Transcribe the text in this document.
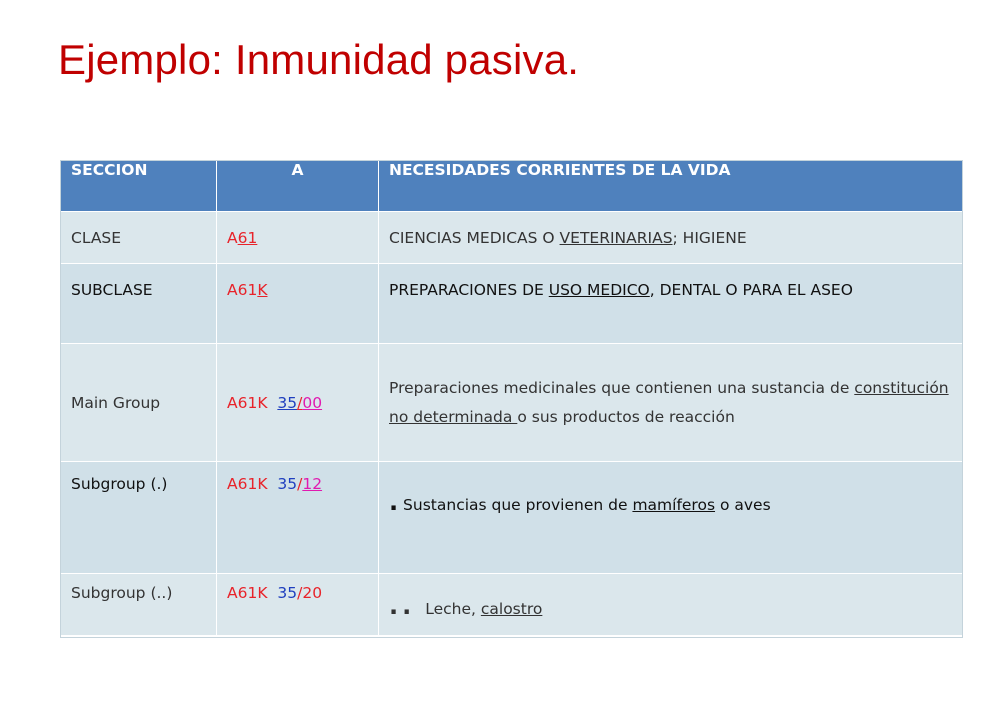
Ejemplo: Inmunidad pasiva.
SECCION	A	NECESIDADES CORRIENTES DE LA VIDA
CLASE	A61	CIENCIAS MEDICAS O VETERINARIAS; HIGIENE
SUBCLASE	A61K	PREPARACIONES DE USO MEDICO, DENTAL O PARA EL ASEO
Main Group	A61K 35/00	Preparaciones medicinales que contienen una sustancia de constitución no determinada o sus productos de reacción
Subgroup (.)	A61K 35/12	. Sustancias que provienen de mamíferos o aves
Subgroup (..)	A61K 35/20	.. Leche, calostro
